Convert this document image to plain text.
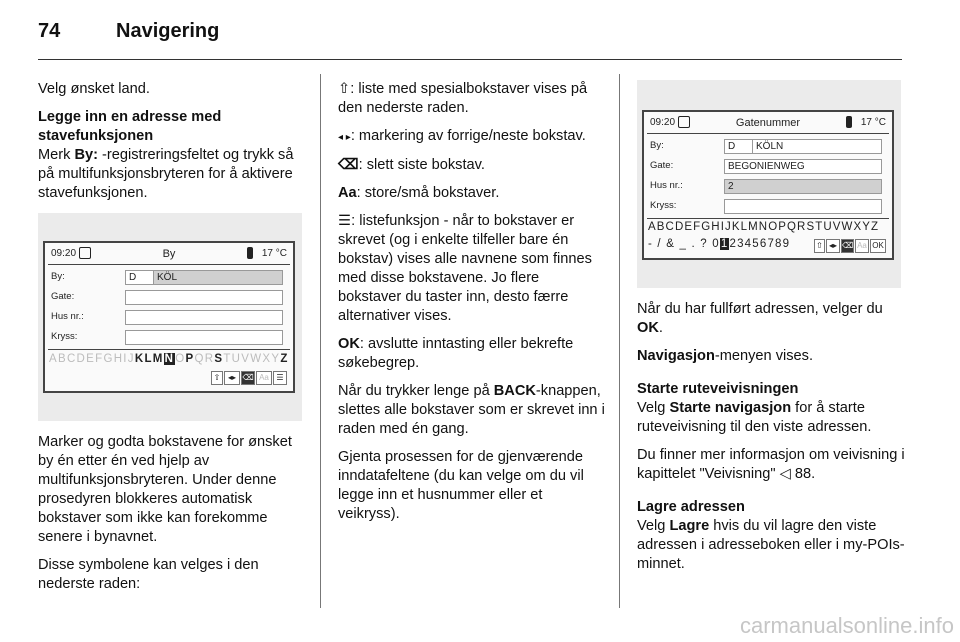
74	Navigering

Velg ønsket land.

Legge inn en adresse med stavefunksjonen

Merk By: -registreringsfeltet og trykk så på multifunksjonsbryteren for å aktivere stavefunksjonen.

Marker og godta bokstavene for ønsket by én etter én ved hjelp av multifunksjonsbryteren. Under denne prosedyren blokkeres automatisk bokstaver som ikke kan forekomme senere i bynavnet.

Disse symbolene kan velges i den nederste raden:

09:20	By	17 °C
By:	D KÖL
Gate:
Hus nr.:
Kryss:
ABCDEFGHIJKLMNOPQRSTUVWXYZ
⇧ ◂▸ ⌫ Aa ☰

⇧: liste med spesialbokstaver vises på den nederste raden.

◂ ▸: markering av forrige/neste bokstav.

⌫: slett siste bokstav.

Aa: store/små bokstaver.

☰: listefunksjon - når to bokstaver er skrevet (og i enkelte tilfeller bare én bokstav) vises alle navnene som finnes med disse bokstavene. Jo flere bokstaver du taster inn, desto færre alternativer vises.

OK: avslutte inntasting eller bekrefte søkebegrep.

Når du trykker lenge på BACK-knappen, slettes alle bokstaver som er skrevet inn i raden med én gang.

Gjenta prosessen for de gjenværende inndatafeltene (du kan velge om du vil legge inn et husnummer eller et veikryss).

09:20	Gatenummer	17 °C
By:	D KÖLN
Gate:	BEGONIENWEG
Hus nr.:	2
Kryss:
ABCDEFGHIJKLMNOPQRSTUVWXYZ
- / & _ . ? 0123456789	⇧ ◂▸ ⌫ Aa OK

Når du har fullført adressen, velger du OK.

Navigasjon-menyen vises.

Starte ruteveivisningen

Velg Starte navigasjon for å starte ruteveivisning til den viste adressen.

Du finner mer informasjon om veivisning i kapittelet "Veivisning" ◁ 88.

Lagre adressen

Velg Lagre hvis du vil lagre den viste adressen i adresseboken eller i my-POIs-minnet.

carmanualsonline.info
